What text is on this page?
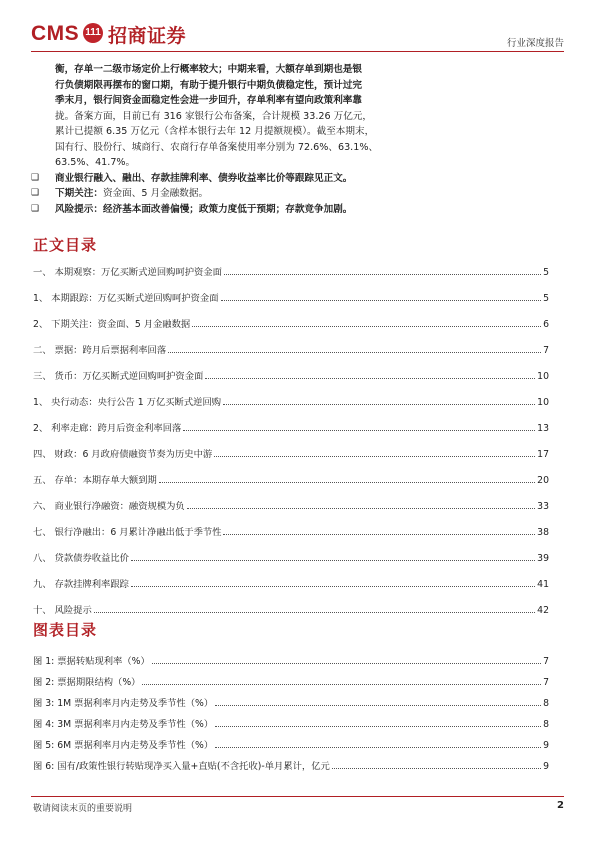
CMS 111 招商证券	行业深度报告
衡，存单一二级市场定价上行概率较大；中期来看，大额存单到期也是银
行负债期限再摆布的窗口期，有助于提升银行中期负债稳定性，预计过完
季末月，银行间资金面稳定性会进一步回升，存单利率有望向政策利率靠
拢。备案方面，目前已有 316 家银行公布备案，合计规模 33.26 万亿元，
累计已提额 6.35 万亿元（含样本银行去年 12 月提额规模）。截至本期末，
国有行、股份行、城商行、农商行存单备案使用率分别为 72.6%、63.1%、
63.5%、41.7%。
❑ 商业银行融入、融出、存款挂牌利率、债券收益率比价等跟踪见正文。
❑ 下期关注：资金面、5 月金融数据。
❑ 风险提示：经济基本面改善偏慢；政策力度低于预期；存款竞争加剧。
正文目录
一、 本期观察：万亿买断式逆回购呵护资金面	5
1、 本期跟踪：万亿买断式逆回购呵护资金面	5
2、 下期关注：资金面、5 月金融数据	6
二、 票据：跨月后票据利率回落	7
三、 货币：万亿买断式逆回购呵护资金面	10
1、 央行动态：央行公告 1 万亿买断式逆回购	10
2、 利率走廊：跨月后资金利率回落	13
四、 财政：6 月政府债融资节奏为历史中游	17
五、 存单：本期存单大额到期	20
六、 商业银行净融资：融资规模为负	33
七、 银行净融出：6 月累计净融出低于季节性	38
八、 贷款债券收益比价	39
九、 存款挂牌利率跟踪	41
十、 风险提示	42
图表目录
图 1: 票据转贴现利率（%）	7
图 2: 票据期限结构（%）	7
图 3: 1M 票据利率月内走势及季节性（%）	8
图 4: 3M 票据利率月内走势及季节性（%）	8
图 5: 6M 票据利率月内走势及季节性（%）	9
图 6: 国有/政策性银行转贴现净买入量+直贴(不含托收)-单月累计，亿元	9
敬请阅读末页的重要说明	2
